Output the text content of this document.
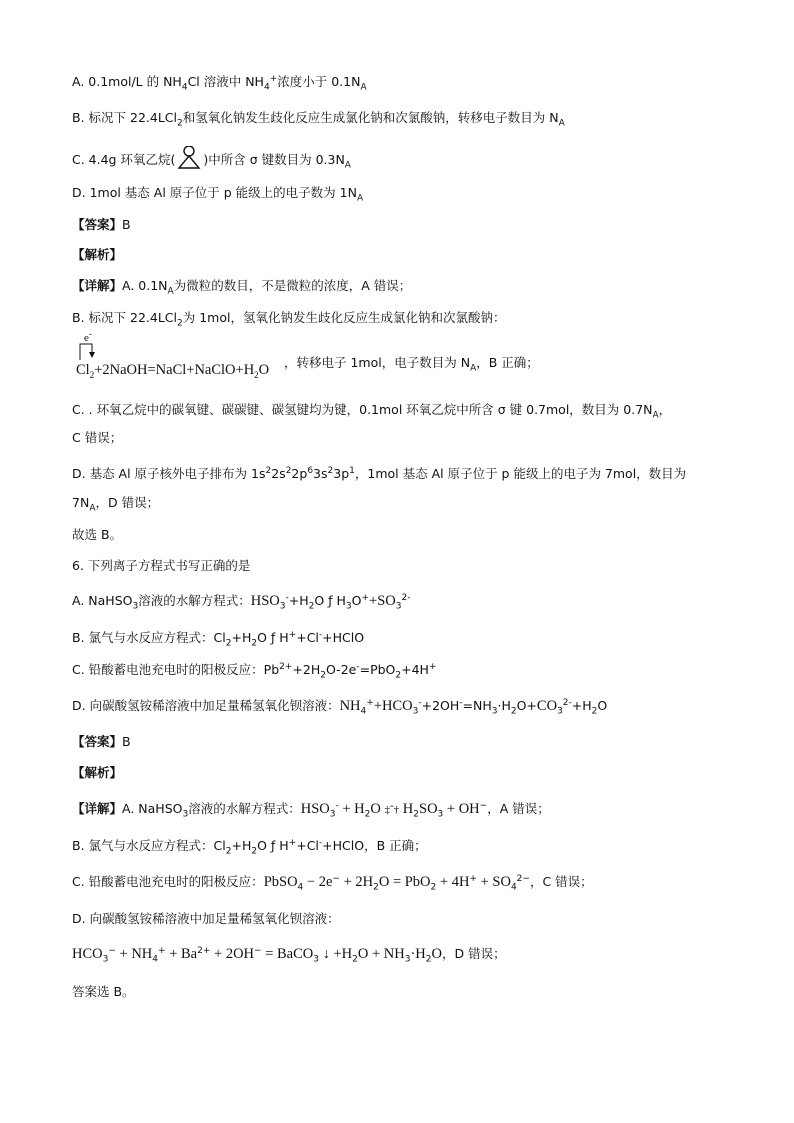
A. 0.1mol/L 的 $NH_4Cl$ 溶液中 $NH_4^+$浓度小于 $0.1N_A$
B. 标况下 22.4LCl$_2$和氢氧化钠发生歧化反应生成氯化钠和次氯酸钠，转移电子数目为 $N_A$
C. 4.4g 环氧乙烷( )中所含 σ 键数目为 $0.3N_A$
D. 1mol 基态 Al 原子位于 p 能级上的电子数为 $1N_A$
【答案】B
【解析】
【详解】A. $0.1N_A$为微粒的数目，不是微粒的浓度，A 错误；
B. 标况下 22.4LCl$_2$为 1mol，氢氧化钠发生歧化反应生成氯化钠和次氯酸钠：
e-
$Cl_2+2NaOH=NaCl+NaClO+H_2O$ ，转移电子 1mol，电子数目为 $N_A$，B 正确；
C. . 环氧乙烷中的碳氧键、碳碳键、碳氢键均为键，0.1mol 环氧乙烷中所含 σ 键 0.7mol，数目为 $0.7N_A$，
C 错误；
D. 基态 Al 原子核外电子排布为 $1s^22s^22p^63s^23p^1$，1mol 基态 Al 原子位于 p 能级上的电子为 7mol，数目为
$7N_A$，D 错误；
故选 B。
6. 下列离子方程式书写正确的是
A. NaHSO$_3$溶液的水解方程式：$HSO_3^-+H_2O$ ƒ $H_3O^++SO_3^{2-}$
B. 氯气与水反应方程式：$Cl_2+H_2O$ ƒ H++Cl-+HClO
C. 铅酸蓄电池充电时的阳极反应：$Pb^{2+}+2H_2O-2e^-=PbO_2+4H^+$
D. 向碳酸氢铵稀溶液中加足量稀氢氧化钡溶液：$NH_4^++HCO_3^-+2OH^-=NH_3\cdot H_2O+CO_3^{2-}+H_2O$
【答案】B
【解析】
【详解】A. NaHSO$_3$溶液的水解方程式：$HSO_3^- + H_2O$ ‡ˆ† $H_2SO_3 + OH^-$，A 错误；
B. 氯气与水反应方程式：$Cl_2+H_2O$ ƒ H++Cl-+HClO，B 正确；
C. 铅酸蓄电池充电时的阳极反应：PbSO$_4$ − $2e^- + 2H_2O = PbO_2 + 4H^+ + SO_4^{2-}$，C 错误；
D. 向碳酸氢铵稀溶液中加足量稀氢氧化钡溶液：
$HCO_3^- + NH_4^+ + Ba^{2+} + 2OH^-$ = BaCO$_3$ ↓ $+H_2O + NH_3\cdot H_2O$，D 错误；
答案选 B。
